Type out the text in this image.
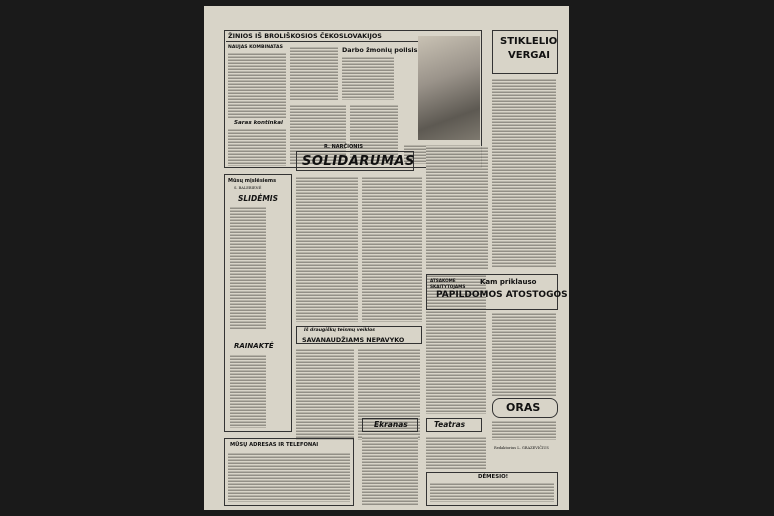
ŽINIOS IŠ BROLIŠKOSIOS ČEKOSLOVAKIJOS
NAUJAS KOMBINATAS
Saras kontinkai
Darbo žmonių poilsis
STIKLELIO
VERGAI
R. NARČIONIS
SOLIDARUMAS
Mūsų mįslėsiems
S. BALEBIENĖ
SLIDĖMIS
RAINAKTĖ
Iš draugiškų teismų veiklos
SAVANAUDŽIAMS NEPAVYKO
ATSAKOME
SKAITYTOJAMS
Kam priklauso
PAPILDOMOS ATOSTOGOS
ORAS
Redaktorius L. GRAZEVIČIUS
MŪSŲ ADRESAS IR TELEFONAI
Ekranas	Teatras
DĖMESIO!
